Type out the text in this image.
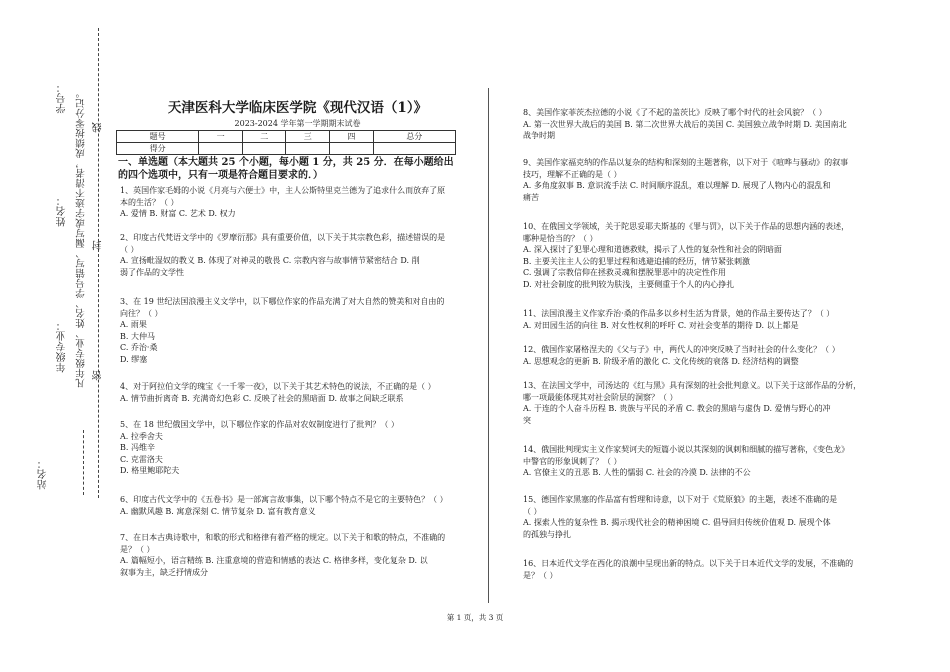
学号：
姓名：
年级专业： 凡年级专业、姓名、学号错写、漏写或字迹不清者，成绩按零分记。 线
封
密
站名：
天津医科大学临床医学院《现代汉语（1）》
2023-2024 学年第一学期期末试卷
题号	一	二	三	四	总分
得分					
一、单选题（本大题共 25 个小题，每小题 1 分，共 25 分．在每小题给出的四个选项中，只有一项是符合题目要求的．）
1、英国作家毛姆的小说《月亮与六便士》中，主人公斯特里克兰德为了追求什么而放弃了原
本的生活？（ ）
A. 爱情 B. 财富 C. 艺术 D. 权力
2、印度古代梵语文学中的《罗摩衍那》具有重要价值，以下关于其宗教色彩，描述错误的是
（ ）
A. 宣扬毗湿奴的教义 B. 体现了对神灵的敬畏 C. 宗教内容与故事情节紧密结合 D. 削
弱了作品的文学性
3、在 19 世纪法国浪漫主义文学中，以下哪位作家的作品充满了对大自然的赞美和对自由的
向往？（ ）
A. 雨果
B. 大仲马
C. 乔治·桑
D. 缪塞
4、对于阿拉伯文学的瑰宝《一千零一夜》，以下关于其艺术特色的说法，不正确的是（ ）
A. 情节曲折离奇 B. 充满奇幻色彩 C. 反映了社会的黑暗面 D. 故事之间缺乏联系
5、在 18 世纪俄国文学中，以下哪位作家的作品对农奴制度进行了批判？（ ）
A. 拉季舍夫
B. 冯维辛
C. 克雷洛夫
D. 格里鲍耶陀夫
6、印度古代文学中的《五卷书》是一部寓言故事集，以下哪个特点不是它的主要特色？（ ）
A. 幽默风趣 B. 寓意深刻 C. 情节复杂 D. 富有教育意义
7、在日本古典诗歌中，和歌的形式和格律有着严格的规定。以下关于和歌的特点，不准确的
是？（ ）
A. 篇幅短小，语言精练 B. 注重意境的营造和情感的表达 C. 格律多样，变化复杂 D. 以
叙事为主，缺乏抒情成分
8、美国作家菲茨杰拉德的小说《了不起的盖茨比》反映了哪个时代的社会风貌？（ ）
A. 第一次世界大战后的美国 B. 第二次世界大战后的美国 C. 美国独立战争时期 D. 美国南北
战争时期
9、美国作家福克纳的作品以复杂的结构和深刻的主题著称，以下对于《喧哗与骚动》的叙事
技巧，理解不正确的是（ ）
A. 多角度叙事 B. 意识流手法 C. 时间顺序混乱，难以理解 D. 展现了人物内心的混乱和
痛苦
10、在俄国文学领域，关于陀思妥耶夫斯基的《罪与罚》，以下关于作品的思想内涵的表述，
哪种是恰当的？（ ）
A. 深入探讨了犯罪心理和道德救赎，揭示了人性的复杂性和社会的阴暗面
B. 主要关注主人公的犯罪过程和逃避追捕的经历，情节紧张刺激
C. 强调了宗教信仰在拯救灵魂和摆脱罪恶中的决定性作用
D. 对社会制度的批判较为肤浅，主要侧重于个人的内心挣扎
11、法国浪漫主义作家乔治·桑的作品多以乡村生活为背景，她的作品主要传达了？（ ）
A. 对田园生活的向往 B. 对女性权利的呼吁 C. 对社会变革的期待 D. 以上都是
12、俄国作家屠格涅夫的《父与子》中，两代人的冲突反映了当时社会的什么变化？（ ）
A. 思想观念的更新 B. 阶级矛盾的激化 C. 文化传统的衰落 D. 经济结构的调整
13、在法国文学中，司汤达的《红与黑》具有深刻的社会批判意义。以下关于这部作品的分析，
哪一项最能体现其对社会阶层的洞察？（ ）
A. 于连的个人奋斗历程 B. 贵族与平民的矛盾 C. 教会的黑暗与虚伪 D. 爱情与野心的冲
突
14、俄国批判现实主义作家契诃夫的短篇小说以其深刻的讽刺和细腻的描写著称，《变色龙》
中警官的形象讽刺了？（ ）
A. 官僚主义的丑恶 B. 人性的懦弱 C. 社会的冷漠 D. 法律的不公
15、德国作家黑塞的作品富有哲理和诗意，以下对于《荒原狼》的主题，表述不准确的是
（ ）
A. 探索人性的复杂性 B. 揭示现代社会的精神困境 C. 倡导回归传统价值观 D. 展现个体
的孤独与挣扎
16、日本近代文学在西化的浪潮中呈现出新的特点。以下关于日本近代文学的发展，不准确的
是？（ ）
第 1 页，共 3 页
